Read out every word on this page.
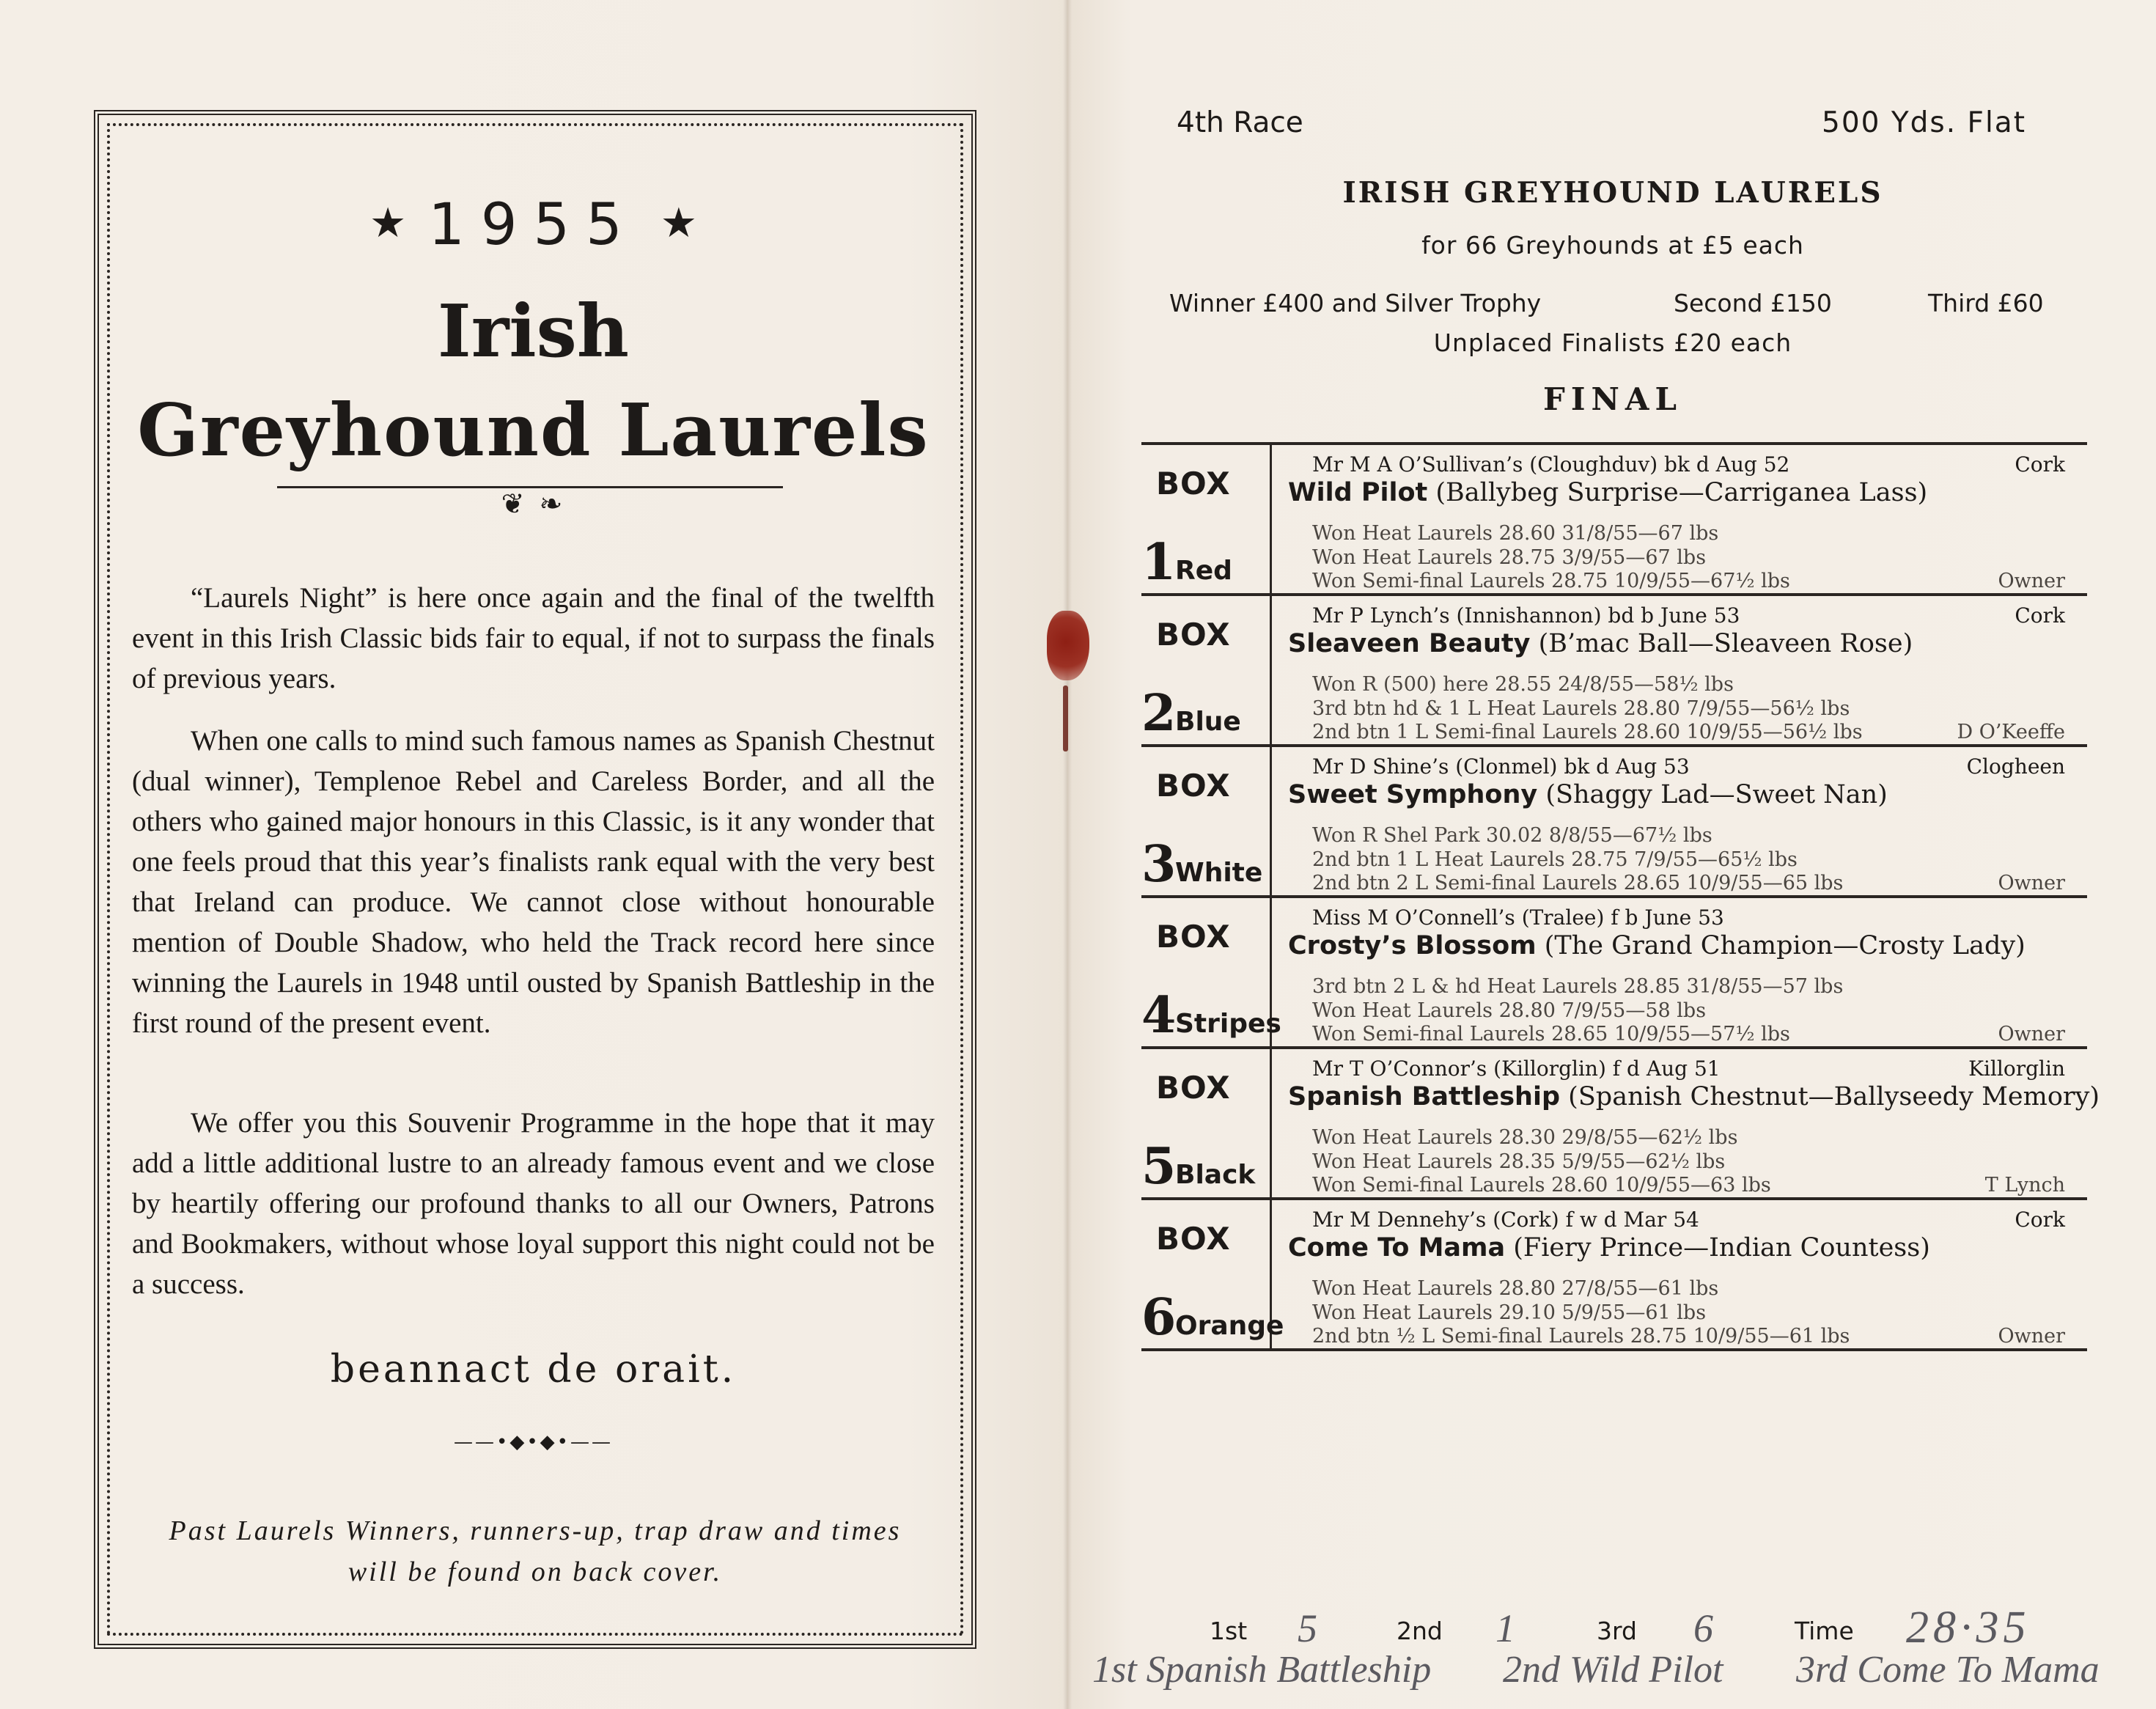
★ 1955 ★
Irish
Greyhound Laurels
❦ ❧
“Laurels Night” is here once again and the final of the twelfth event in this Irish Classic bids fair to equal, if not to surpass the finals of previous years.
When one calls to mind such famous names as Spanish Chestnut (dual winner), Templenoe Rebel and Careless Border, and all the others who gained major honours in this Classic, is it any wonder that one feels proud that this year’s finalists rank equal with the very best that Ireland can produce. We cannot close without honourable mention of Double Shadow, who held the Track record here since winning the Laurels in 1948 until ousted by Spanish Battleship in the first round of the present event.
We offer you this Souvenir Programme in the hope that it may add a little additional lustre to an already famous event and we close by heartily offering our profound thanks to all our Owners, Patrons and Bookmakers, without whose loyal support this night could not be a success.
beannact de orait.
——•◆•◆•——
Past Laurels Winners, runners-up, trap draw and times will be found on back cover.
4th Race	500 Yds. Flat
IRISH GREYHOUND LAURELS
for 66 Greyhounds at £5 each
Winner £400 and Silver Trophy	Second £150	Third £60
Unplaced Finalists £20 each
FINAL
BOX
1
Red
Mr M A O’Sullivan’s (Cloughduv) bk d Aug 52	Cork
Wild Pilot (Ballybeg Surprise—Carriganea Lass)
Won Heat Laurels 28.60 31/8/55—67 lbs
Won Heat Laurels 28.75 3/9/55—67 lbs
Won Semi-final Laurels 28.75 10/9/55—67½ lbs	Owner
BOX
2
Blue
Mr P Lynch’s (Innishannon) bd b June 53	Cork
Sleaveen Beauty (B’mac Ball—Sleaveen Rose)
Won R (500) here 28.55 24/8/55—58½ lbs
3rd btn hd & 1 L Heat Laurels 28.80 7/9/55—56½ lbs
2nd btn 1 L Semi-final Laurels 28.60 10/9/55—56½ lbs	D O’Keeffe
BOX
3
White
Mr D Shine’s (Clonmel) bk d Aug 53	Clogheen
Sweet Symphony (Shaggy Lad—Sweet Nan)
Won R Shel Park 30.02 8/8/55—67½ lbs
2nd btn 1 L Heat Laurels 28.75 7/9/55—65½ lbs
2nd btn 2 L Semi-final Laurels 28.65 10/9/55—65 lbs	Owner
BOX
4
Stripes
Miss M O’Connell’s (Tralee) f b June 53
Crosty’s Blossom (The Grand Champion—Crosty Lady)
3rd btn 2 L & hd Heat Laurels 28.85 31/8/55—57 lbs
Won Heat Laurels 28.80 7/9/55—58 lbs
Won Semi-final Laurels 28.65 10/9/55—57½ lbs	Owner
BOX
5
Black
Mr T O’Connor’s (Killorglin) f d Aug 51	Killorglin
Spanish Battleship (Spanish Chestnut—Ballyseedy Memory)
Won Heat Laurels 28.30 29/8/55—62½ lbs
Won Heat Laurels 28.35 5/9/55—62½ lbs
Won Semi-final Laurels 28.60 10/9/55—63 lbs	T Lynch
BOX
6
Orange
Mr M Dennehy’s (Cork) f w d Mar 54	Cork
Come To Mama (Fiery Prince—Indian Countess)
Won Heat Laurels 28.80 27/8/55—61 lbs
Won Heat Laurels 29.10 5/9/55—61 lbs
2nd btn ½ L Semi-final Laurels 28.75 10/9/55—61 lbs	Owner
1st 5	2nd 1	3rd 6	Time 28·35
1st Spanish Battleship 2nd Wild Pilot 3rd Come To Mama
